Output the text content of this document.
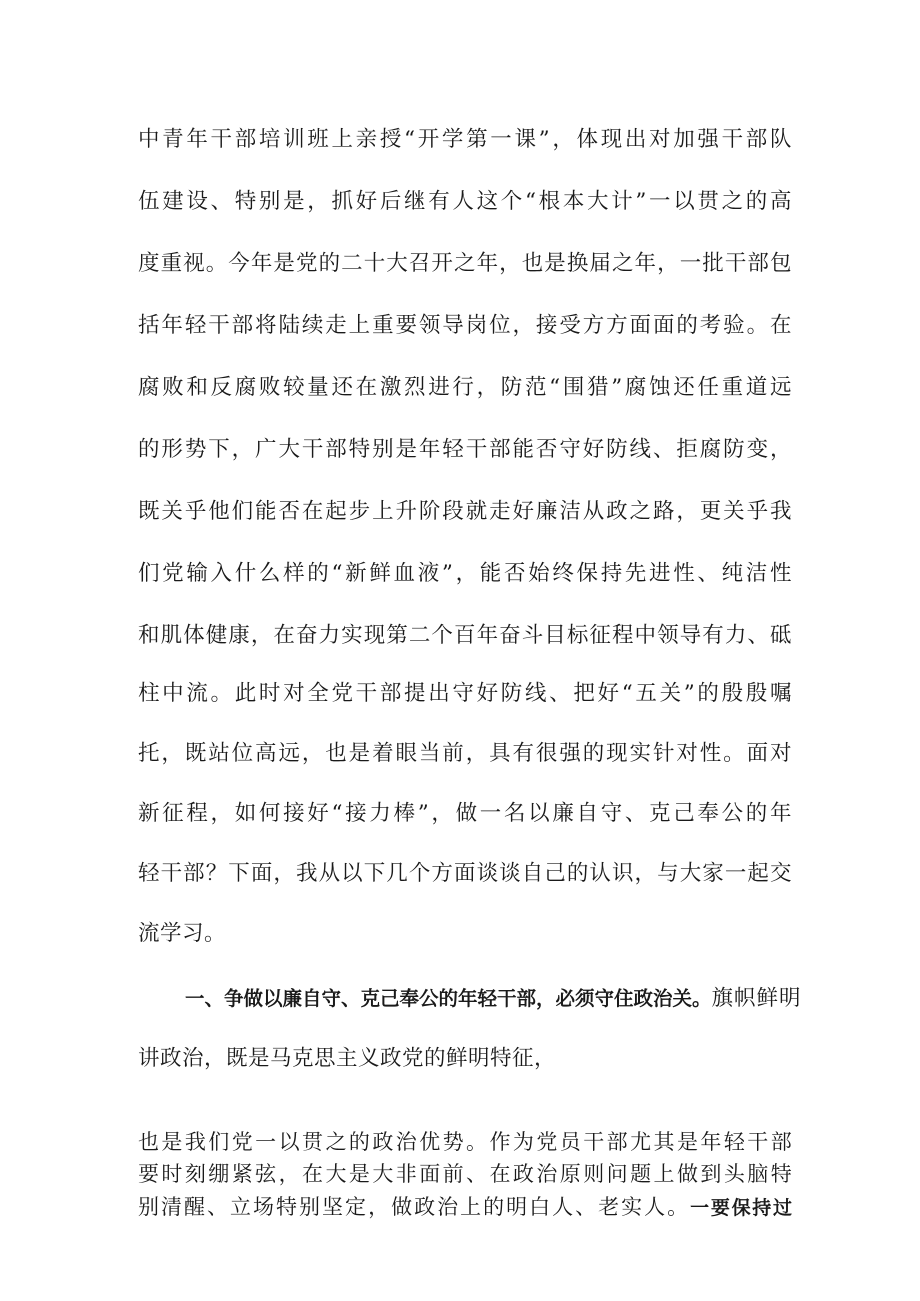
中青年干部培训班上亲授“开学第一课”，体现出对加强干部队
伍建设、特别是，抓好后继有人这个“根本大计”一以贯之的高
度重视。今年是党的二十大召开之年，也是换届之年，一批干部包
括年轻干部将陆续走上重要领导岗位，接受方方面面的考验。在
腐败和反腐败较量还在激烈进行，防范“围猎”腐蚀还任重道远
的形势下，广大干部特别是年轻干部能否守好防线、拒腐防变，
既关乎他们能否在起步上升阶段就走好廉洁从政之路，更关乎我
们党输入什么样的“新鲜血液”，能否始终保持先进性、纯洁性
和肌体健康，在奋力实现第二个百年奋斗目标征程中领导有力、砥
柱中流。此时对全党干部提出守好防线、把好“五关”的殷殷嘱
托，既站位高远，也是着眼当前，具有很强的现实针对性。面对
新征程，如何接好“接力棒”，做一名以廉自守、克己奉公的年
轻干部？下面，我从以下几个方面谈谈自己的认识，与大家一起交
流学习。
一、争做以廉自守、克己奉公的年轻干部，必须守住政治关。旗帜鲜明
讲政治，既是马克思主义政党的鲜明特征，
也是我们党一以贯之的政治优势。作为党员干部尤其是年轻干部
要时刻绷紧弦，在大是大非面前、在政治原则问题上做到头脑特
别清醒、立场特别坚定，做政治上的明白人、老实人。一要保持过
